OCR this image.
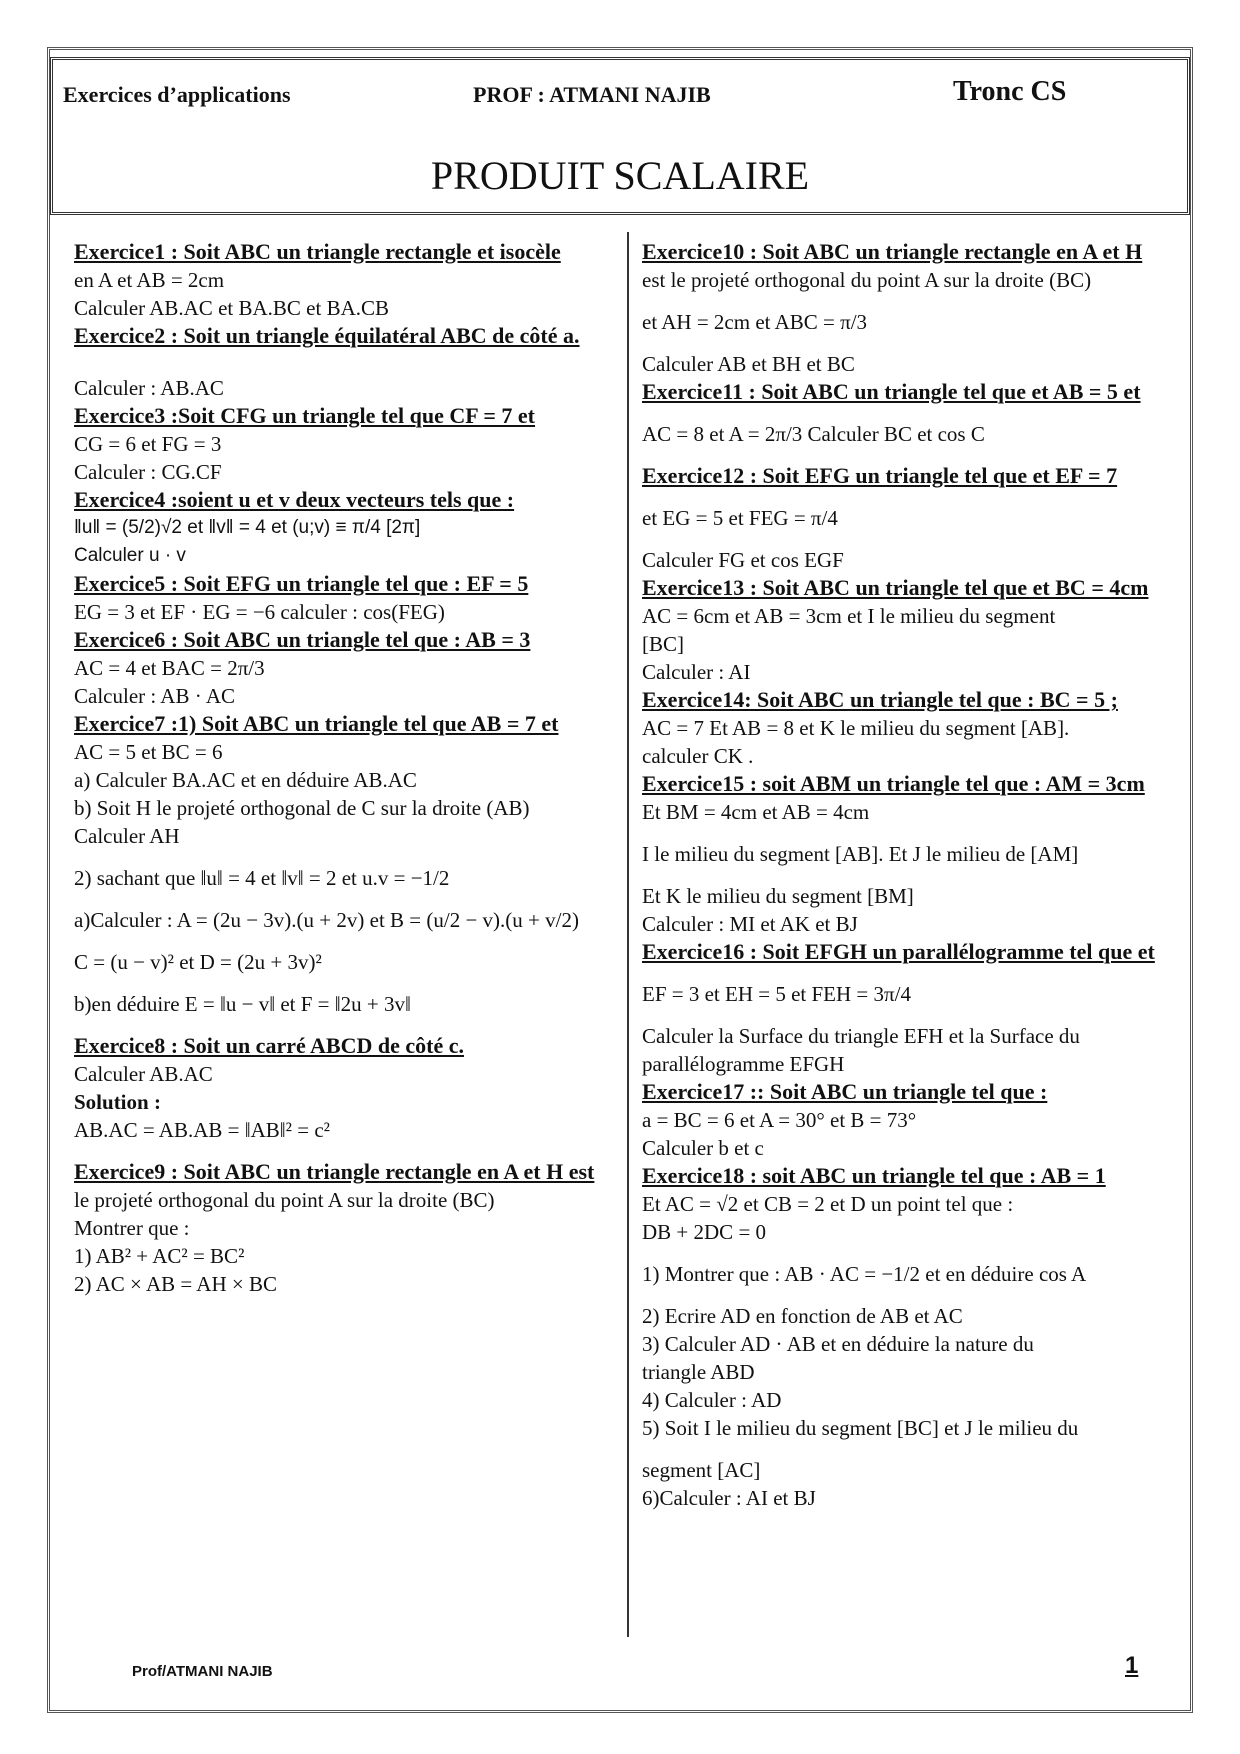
Exercices d’applications	PROF : ATMANI NAJIB	Tronc CS
PRODUIT SCALAIRE
Exercice1 : Soit ABC un triangle rectangle et isocèle
en A et AB = 2cm
Calculer AB.AC et BA.BC et BA.CB
Exercice2 : Soit un triangle équilatéral ABC de côté a.
Calculer : AB.AC
Exercice3 :Soit CFG un triangle tel que CF = 7 et
CG = 6 et FG = 3
Calculer : CG.CF
Exercice4 :soient u et v deux vecteurs tels que :
‖u‖ = (5/2)√2 et ‖v‖ = 4 et (u;v) ≡ π/4 [2π]
Calculer u · v
Exercice5 : Soit EFG un triangle tel que : EF = 5
EG = 3 et EF · EG = −6 calculer : cos(FEG)
Exercice6 : Soit ABC un triangle tel que : AB = 3
AC = 4 et BAC = 2π/3
Calculer : AB · AC
Exercice7 :1) Soit ABC un triangle tel que AB = 7 et
AC = 5 et BC = 6
a) Calculer BA.AC et en déduire AB.AC
b) Soit H le projeté orthogonal de C sur la droite (AB)
Calculer AH
2) sachant que ‖u‖ = 4 et ‖v‖ = 2 et u.v = −1/2
a)Calculer : A = (2u − 3v).(u + 2v) et B = (u/2 − v).(u + v/2)
C = (u − v)² et D = (2u + 3v)²
b)en déduire E = ‖u − v‖ et F = ‖2u + 3v‖
Exercice8 : Soit un carré ABCD de côté c.
Calculer AB.AC
Solution :
AB.AC = AB.AB = ‖AB‖² = c²
Exercice9 : Soit ABC un triangle rectangle en A et H est
le projeté orthogonal du point A sur la droite (BC)
Montrer que :
1) AB² + AC² = BC²
2) AC × AB = AH × BC
Exercice10 : Soit ABC un triangle rectangle en A et H
est le projeté orthogonal du point A sur la droite (BC)
et AH = 2cm et ABC = π/3
Calculer AB et BH et BC
Exercice11 : Soit ABC un triangle tel que et AB = 5 et
AC = 8 et A = 2π/3 Calculer BC et cos C
Exercice12 : Soit EFG un triangle tel que et EF = 7
et EG = 5 et FEG = π/4
Calculer FG et cos EGF
Exercice13 : Soit ABC un triangle tel que et BC = 4cm
AC = 6cm et AB = 3cm et I le milieu du segment
[BC]
Calculer : AI
Exercice14: Soit ABC un triangle tel que : BC = 5 ;
AC = 7 Et AB = 8 et K le milieu du segment [AB].
calculer CK .
Exercice15 : soit ABM un triangle tel que : AM = 3cm
Et BM = 4cm et AB = 4cm
I le milieu du segment [AB]. Et J le milieu de [AM]
Et K le milieu du segment [BM]
Calculer : MI et AK et BJ
Exercice16 : Soit EFGH un parallélogramme tel que et
EF = 3 et EH = 5 et FEH = 3π/4
Calculer la Surface du triangle EFH et la Surface du
parallélogramme EFGH
Exercice17 :: Soit ABC un triangle tel que :
a = BC = 6 et A = 30° et B = 73°
Calculer b et c
Exercice18 : soit ABC un triangle tel que : AB = 1
Et AC = √2 et CB = 2 et D un point tel que :
DB + 2DC = 0
1) Montrer que : AB · AC = −1/2 et en déduire cos A
2) Ecrire AD en fonction de AB et AC
3) Calculer AD · AB et en déduire la nature du
triangle ABD
4) Calculer : AD
5) Soit I le milieu du segment [BC] et J le milieu du
segment [AC]
6)Calculer : AI et BJ
Prof/ATMANI NAJIB	1
